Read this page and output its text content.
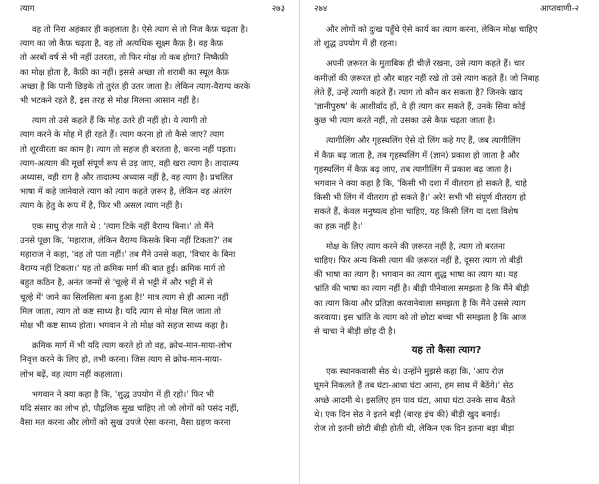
त्याग	२७३

वह तो निरा अहंकार ही कहलाता है। ऐसे त्याग से तो निज कैफ़ चढ़ता है।
त्याग का जो कैफ़ चढ़ता है, वह तो अत्यधिक सूक्ष्म कैफ़ है। वह कैफ़
तो अरबों वर्ष से भी नहीं उतरता, तो फिर मोक्ष तो कब होगा? निष्कैफ़ी
का मोक्ष होता है, कैफ़ी का नहीं। इससे अच्छा तो शराबी का स्थूल कैफ़
अच्छा है कि पानी छिड़के तो तुरंत ही उतर जाता है। लेकिन त्याग-वैराग्य करके
भी भटकने रहते हैं, इस तरह से मोक्ष मिलना आसान नहीं है।

त्याग तो उसे कहते हैं कि मोह उतरे ही नहीं हो। ये त्यागी तो
त्याग करने के मोह में ही रहते हैं। त्याग करना हो तो कैसे जाए? त्याग
तो शूरवीरता का काम है। त्याग तो सहज ही बरतता है, करना नहीं पड़ता।
त्याग-अत्याग की मूर्छा संपूर्ण रूप से उड़ जाए, वही खरा त्याग है। तादात्म्य
अध्यास, वही राग है और तादात्म्य अध्यास नहीं है, वह त्याग है। प्रचलित
भाषा में कहे जानेवाले त्याग को त्याग कहते ज़रूर है, लेकिन वह अंतरंग
त्याग के हेतु के रूप में है, फिर भी असल त्याग नहीं है।

एक साधु रोज़ गाते थे : 'त्याग टिके नहीं वैराग्य बिना।' तो मैंने
उनसे पूछा कि, 'महाराज, लेकिन वैराग्य किसके बिना नहीं टिकता?' तब
महाराज ने कहा, 'वह तो पता नहीं।' तब मैंने उनसे कहा, 'विचार के बिना
वैराग्य नहीं टिकता।' यह तो क्रमिक मार्ग की बात हुई। क्रमिक मार्ग तो
बहुत कठिन है, अनंत जन्मों से 'चूल्हे में से भट्टी में और भट्टी में से
चूल्हे में' जाने का सिलसिला बना हुआ है!' मात्र त्याग से ही आत्मा नहीं
मिल जाता, त्याग तो कष्ट साध्य है। यदि त्याग से मोक्ष मिल जाता तो
मोक्ष भी कष्ट साध्य होता। भगवान ने तो मोक्ष को सहज साध्य कहा है।

क्रमिक मार्ग में भी यदि त्याग करते हो तो वह, क्रोध-मान-माया-लोभ
निवृत्त करने के लिए हो, तभी करना। जिस त्याग से क्रोध-मान-माया-
लोभ बढ़ें, वह त्याग नहीं कहलाता।

भगवान ने क्या कहा है कि, 'शुद्ध उपयोग में ही रहो।' फिर भी
यदि संसार का लोभ हो, पौद्गलिक सुख चाहिए तो जो लोगों को पसंद नहीं,
वैसा मत करना और लोगों को सुख उपजे ऐसा करना, वैसा ग्रहण करना

२७४	आप्तवाणी-२

और लोगों को दुःख पहुँचे ऐसे कार्य का त्याग करना, लेकिन मोक्ष चाहिए
तो शुद्ध उपयोग में ही रहना।

अपनी ज़रूरत के मुताबिक ही चीज़ें रखना, उसे त्याग कहते हैं। चार
कमीज़ों की ज़रूरत हो और बाहर नहीं रखे तो उसे त्याग कहते हैं। जो निबाह
लेते हैं, उन्हें त्यागी कहते हैं। त्याग तो कौन कर सकता है? जिनके खाद
'ज्ञानीपुरुष' के आशीर्वाद हों, वे ही त्याग कर सकते हैं, उनके सिवा कोई
कुछ भी त्याग करते नहीं, तो उसका उसे कैफ़ चढ़ता जाता है।

त्यागीलिंग और गृहस्थलिंग ऐसे दो लिंग कहे गए हैं, जब त्यागीलिंग
में कैफ़ बढ़ जाता है, तब गृहस्थलिंग में (ज्ञान) प्रकाश हो जाता है और
गृहस्थलिंग में कैफ़ बढ़ जाए, तब त्यागीलिंग में प्रकाश बढ़ जाता है।
भगवान ने क्या कहा है कि, 'किसी भी दशा में वीतराग हो सकते हैं, चाहे
किसी भी लिंग में वीतराग हो सकते हैं।' अरे! सभी भी संपूर्ण वीतराग हो
सकते हैं, केवल मनुष्यत्व होना चाहिए, यह किसी लिंग या दशा विशेष
का हक़ नहीं है।'

मोक्ष के लिए त्याग करने की ज़रूरत नहीं है, त्याग तो बरतना
चाहिए। फिर अन्य किसी त्याग की ज़रूरत नहीं है, दूसरा त्याग तो बीड़ी
की भाषा का त्याग है। भगवान का त्याग शुद्ध भाषा का त्याग था। यह
भ्रांति की भाषा का त्याग नहीं है। बीड़ी पीनेवाला समझता है कि मैंने बीड़ी
का त्याग किया और प्रतिज्ञा करवानेवाला समझता है कि मैंने उससे त्याग
करवाया। इस भ्रांति के त्याग को तो छोटा बच्चा भी समझता है कि आज
से चाचा ने बीड़ी छोड़ दी है।

यह तो कैसा त्याग?

एक स्थानकवासी सेठ थे। उन्होंने मुझसे कहा कि, 'आप रोज़
घूमने निकलते हैं तब घंटा-आधा घंटा आना, हम साथ में बैठेंगे।' सेठ
अच्छे आदमी थे। इसलिए हम पाव घंटा, आधा घंटा उनके साथ बैठते
थे। एक दिन सेठ ने इतने बड़ी (बारह इंच की) बीड़ी खुद बनाई।
रोज तो इतनी छोटी बीड़ी होती थी, लेकिन एक दिन इतना बड़ा बीड़ा
